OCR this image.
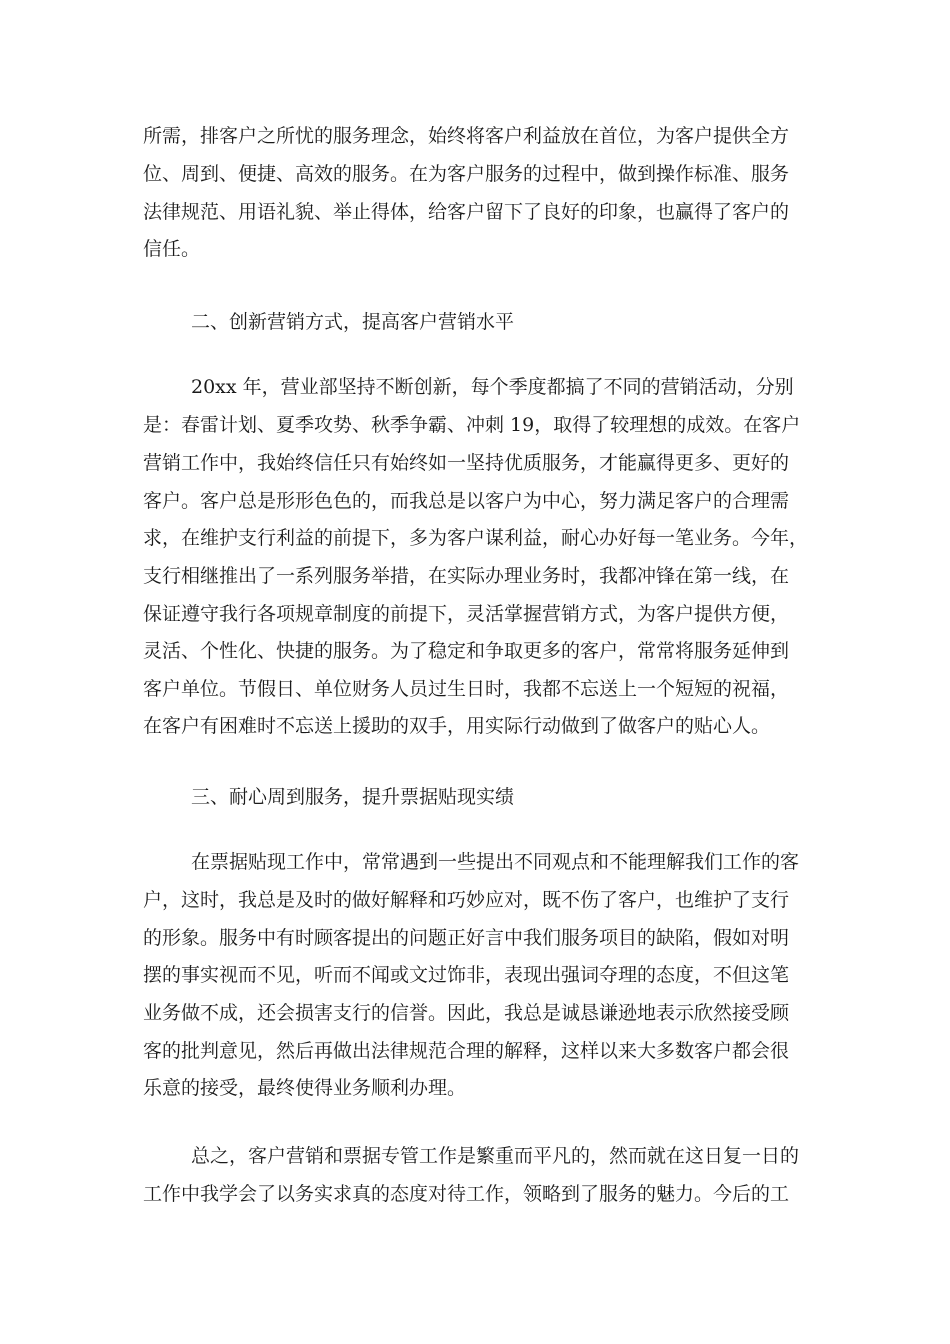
所需，排客户之所忧的服务理念，始终将客户利益放在首位，为客户提供全方
位、周到、便捷、高效的服务。在为客户服务的过程中，做到操作标准、服务
法律规范、用语礼貌、举止得体，给客户留下了良好的印象，也赢得了客户的
信任。
二、创新营销方式，提高客户营销水平
20xx 年，营业部坚持不断创新，每个季度都搞了不同的营销活动，分别
是：春雷计划、夏季攻势、秋季争霸、冲刺 19，取得了较理想的成效。在客户
营销工作中，我始终信任只有始终如一坚持优质服务，才能赢得更多、更好的
客户。客户总是形形色色的，而我总是以客户为中心，努力满足客户的合理需
求，在维护支行利益的前提下，多为客户谋利益，耐心办好每一笔业务。今年，
支行相继推出了一系列服务举措，在实际办理业务时，我都冲锋在第一线，在
保证遵守我行各项规章制度的前提下，灵活掌握营销方式，为客户提供方便，
灵活、个性化、快捷的服务。为了稳定和争取更多的客户，常常将服务延伸到
客户单位。节假日、单位财务人员过生日时，我都不忘送上一个短短的祝福，
在客户有困难时不忘送上援助的双手，用实际行动做到了做客户的贴心人。
三、耐心周到服务，提升票据贴现实绩
在票据贴现工作中，常常遇到一些提出不同观点和不能理解我们工作的客
户，这时，我总是及时的做好解释和巧妙应对，既不伤了客户，也维护了支行
的形象。服务中有时顾客提出的问题正好言中我们服务项目的缺陷，假如对明
摆的事实视而不见，听而不闻或文过饰非，表现出强词夺理的态度，不但这笔
业务做不成，还会损害支行的信誉。因此，我总是诚恳谦逊地表示欣然接受顾
客的批判意见，然后再做出法律规范合理的解释，这样以来大多数客户都会很
乐意的接受，最终使得业务顺利办理。
总之，客户营销和票据专管工作是繁重而平凡的，然而就在这日复一日的
工作中我学会了以务实求真的态度对待工作，领略到了服务的魅力。今后的工
